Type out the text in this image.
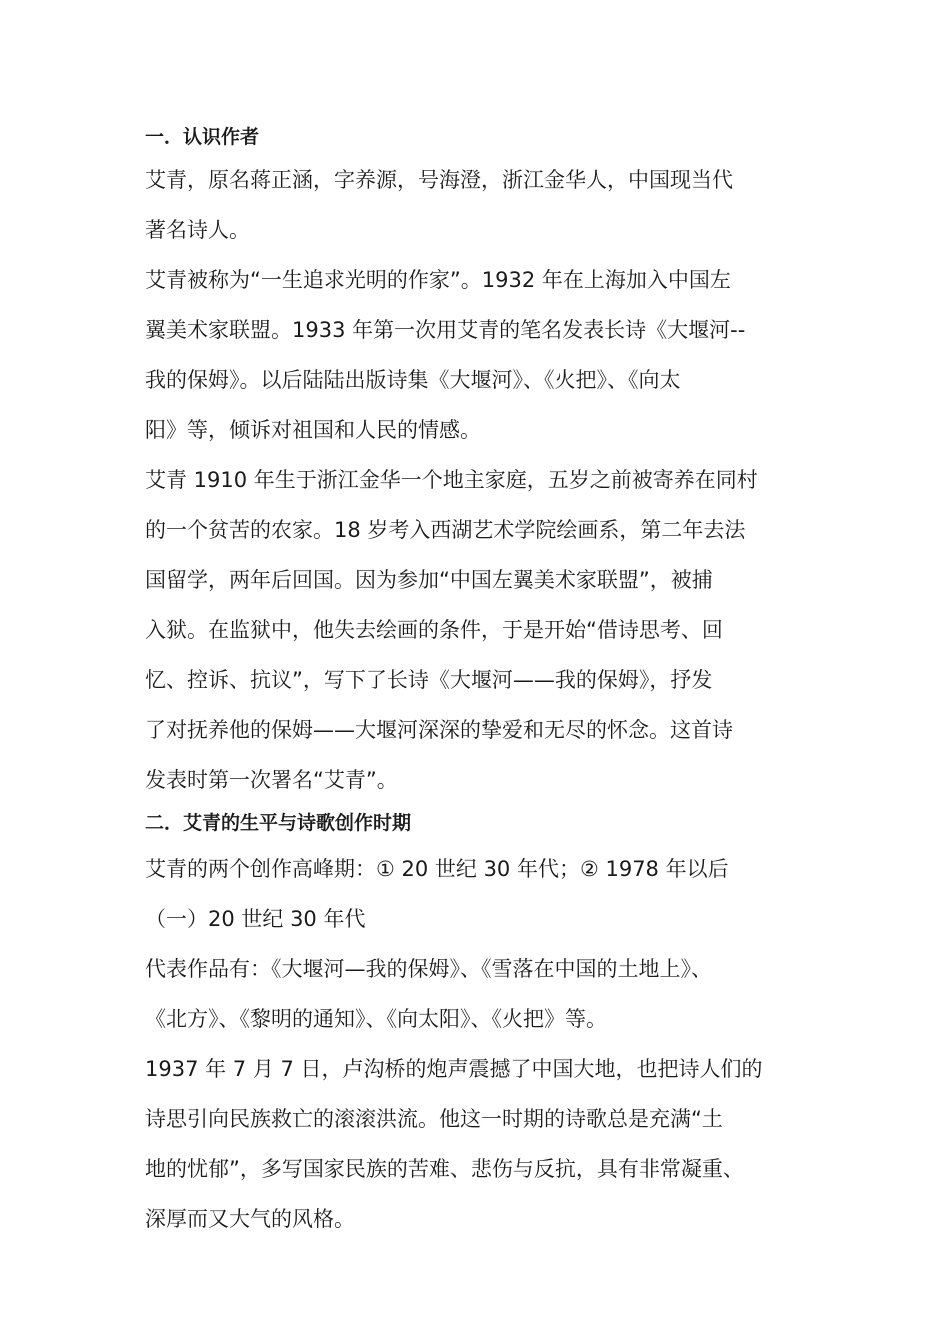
一．认识作者

艾青，原名蒋正涵，字养源，号海澄，浙江金华人，中国现当代
著名诗人。

艾青被称为“一生追求光明的作家”。1932 年在上海加入中国左
翼美术家联盟。1933 年第一次用艾青的笔名发表长诗《大堰河--
我的保姆》。以后陆陆出版诗集《大堰河》、《火把》、《向太
阳》等，倾诉对祖国和人民的情感。

艾青 1910 年生于浙江金华一个地主家庭，五岁之前被寄养在同村
的一个贫苦的农家。18 岁考入西湖艺术学院绘画系，第二年去法
国留学，两年后回国。因为参加“中国左翼美术家联盟”，被捕
入狱。在监狱中，他失去绘画的条件，于是开始“借诗思考、回
忆、控诉、抗议”，写下了长诗《大堰河——我的保姆》，抒发
了对抚养他的保姆——大堰河深深的挚爱和无尽的怀念。这首诗
发表时第一次署名“艾青”。

二．艾青的生平与诗歌创作时期

艾青的两个创作高峰期：① 20 世纪 30 年代；② 1978 年以后

（一）20 世纪 30 年代

代表作品有：《大堰河—我的保姆》、《雪落在中国的土地上》、
《北方》、《黎明的通知》、《向太阳》、《火把》等。

1937 年 7 月 7 日，卢沟桥的炮声震撼了中国大地，也把诗人们的
诗思引向民族救亡的滚滚洪流。他这一时期的诗歌总是充满“土
地的忧郁”，多写国家民族的苦难、悲伤与反抗，具有非常凝重、
深厚而又大气的风格。
